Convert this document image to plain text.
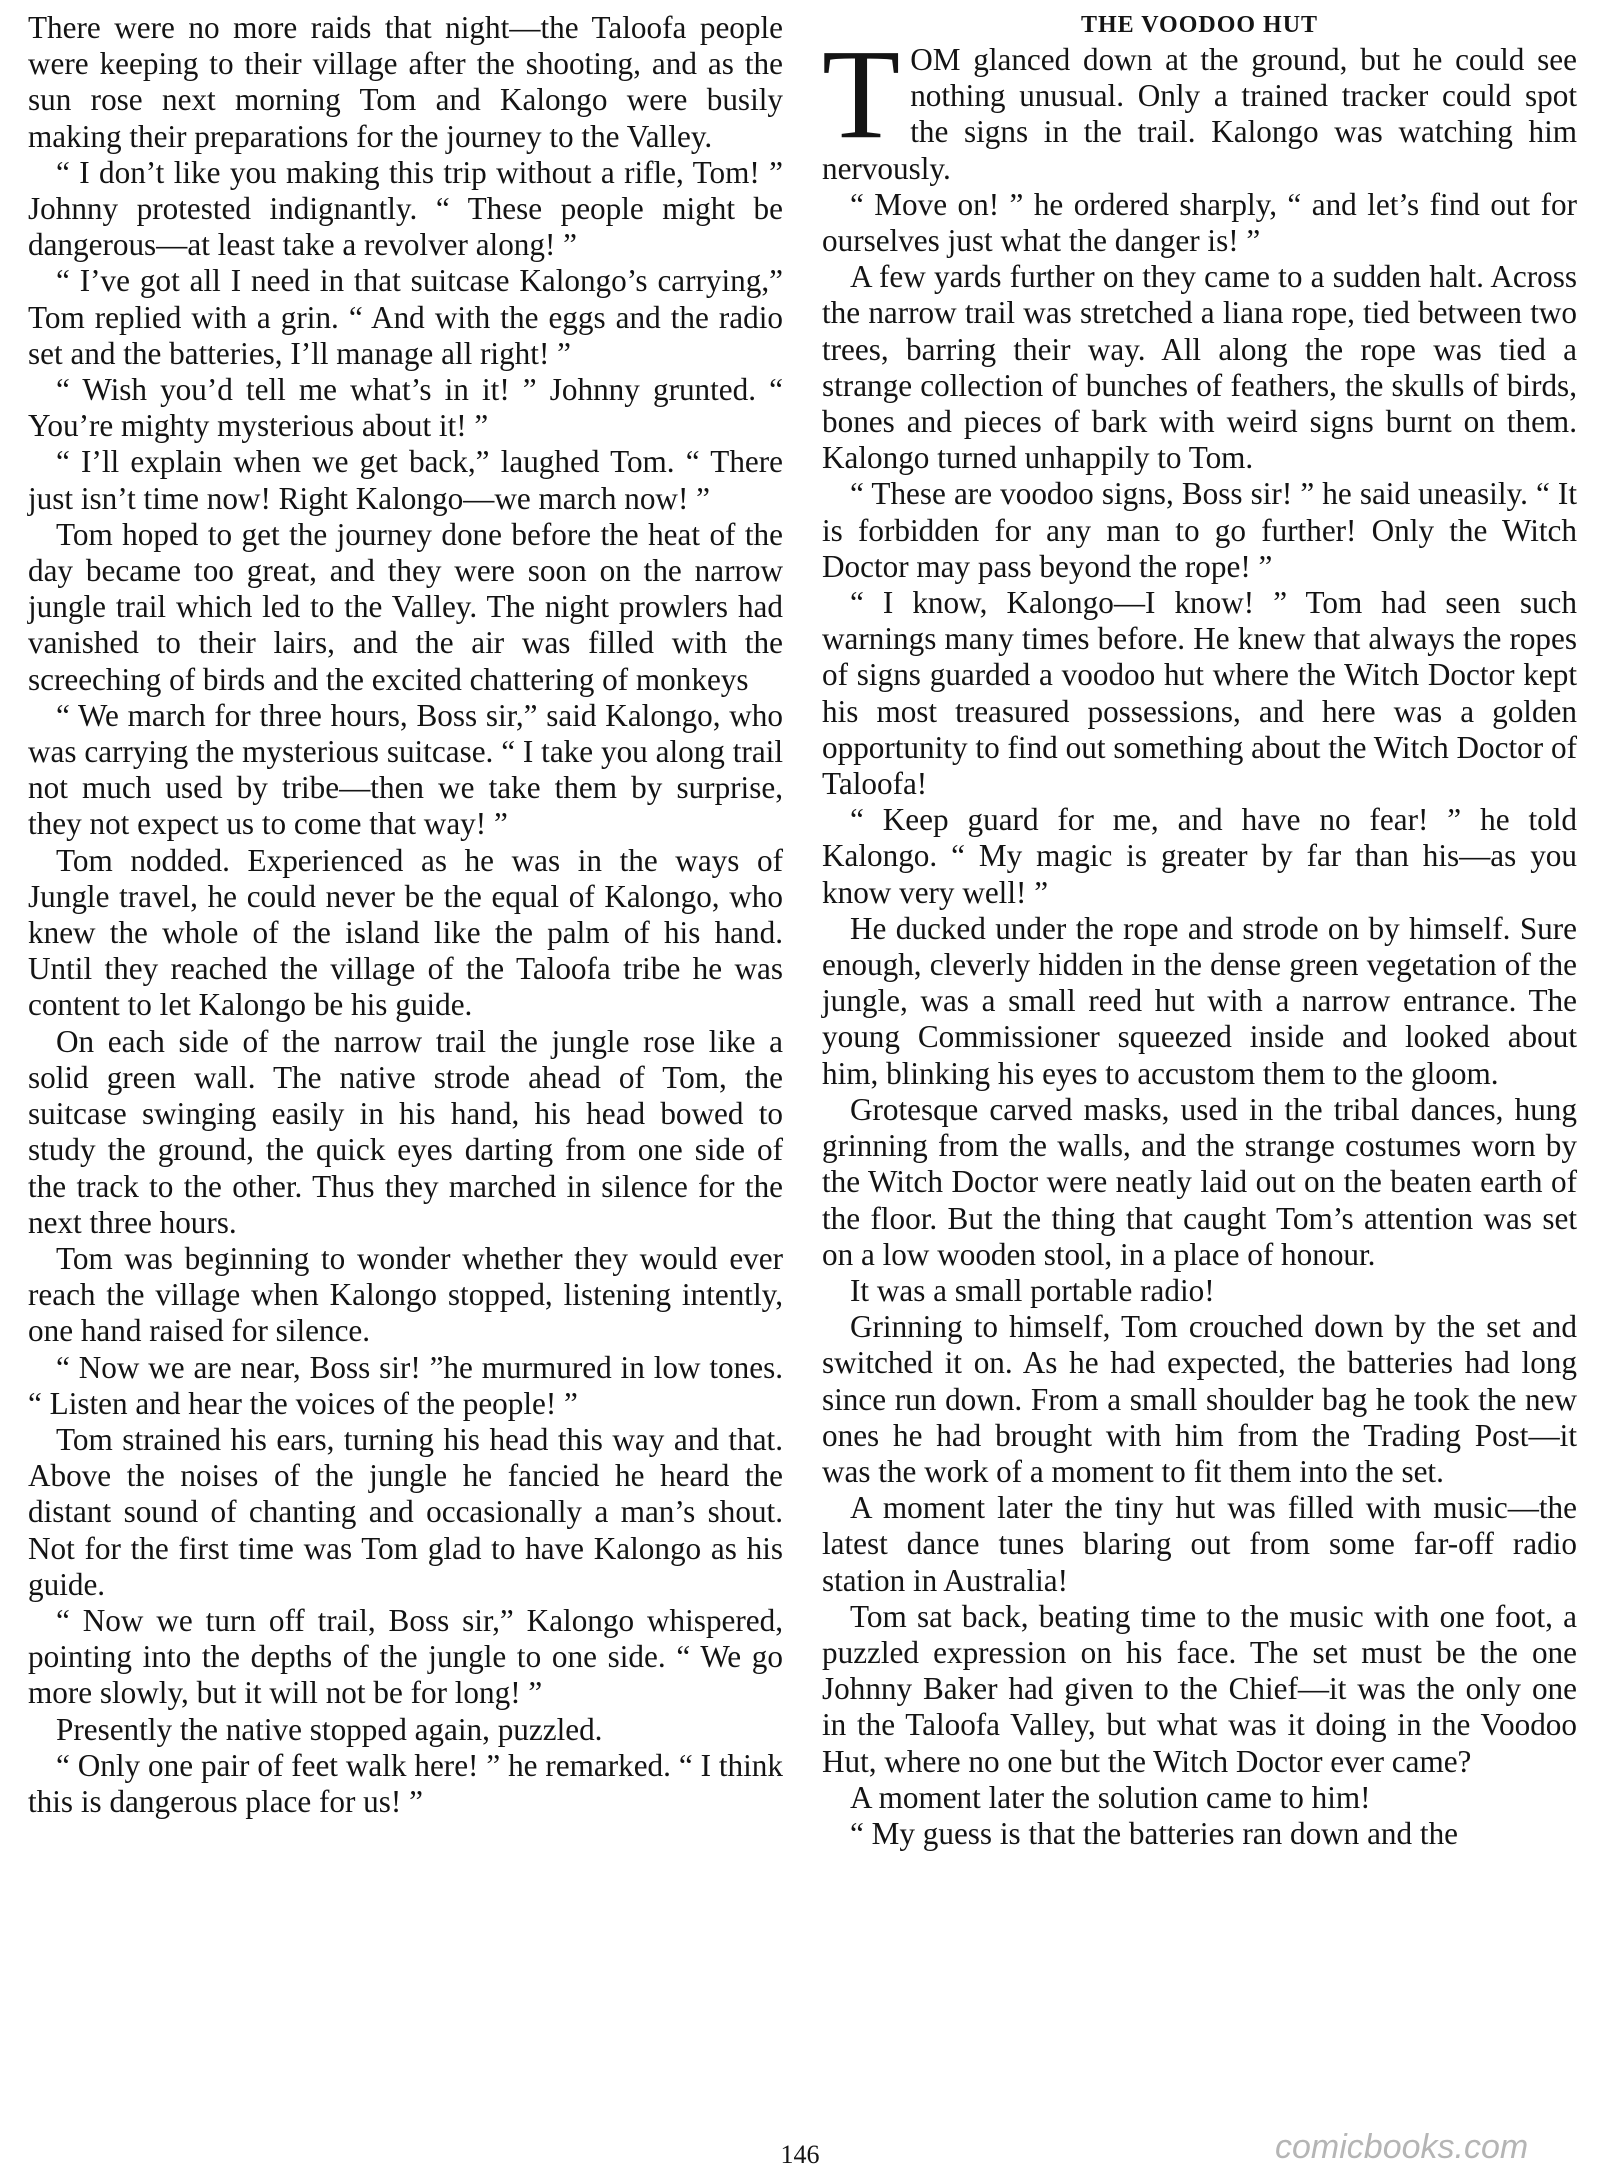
There were no more raids that night—the Taloofa people were keeping to their village after the shooting, and as the sun rose next morning Tom and Kalongo were busily making their preparations for the journey to the Valley.

“ I don’t like you making this trip without a rifle, Tom! ” Johnny protested indignantly. “ These people might be dangerous—at least take a revolver along! ”

“ I’ve got all I need in that suitcase Kalongo’s carrying,” Tom replied with a grin. “ And with the eggs and the radio set and the batteries, I’ll manage all right! ”

“ Wish you’d tell me what’s in it! ” Johnny grunted. “ You’re mighty mysterious about it! ”

“ I’ll explain when we get back,” laughed Tom. “ There just isn’t time now! Right Kalongo—we march now! ”

Tom hoped to get the journey done before the heat of the day became too great, and they were soon on the narrow jungle trail which led to the Valley. The night prowlers had vanished to their lairs, and the air was filled with the screeching of birds and the excited chattering of monkeys

“ We march for three hours, Boss sir,” said Kalongo, who was carrying the mysterious suitcase. “ I take you along trail not much used by tribe—then we take them by surprise, they not expect us to come that way! ”

Tom nodded. Experienced as he was in the ways of Jungle travel, he could never be the equal of Kalongo, who knew the whole of the island like the palm of his hand. Until they reached the village of the Taloofa tribe he was content to let Kalongo be his guide.

On each side of the narrow trail the jungle rose like a solid green wall. The native strode ahead of Tom, the suitcase swinging easily in his hand, his head bowed to study the ground, the quick eyes darting from one side of the track to the other. Thus they marched in silence for the next three hours.

Tom was beginning to wonder whether they would ever reach the village when Kalongo stopped, listening intently, one hand raised for silence.

“ Now we are near, Boss sir! ”he murmured in low tones. “ Listen and hear the voices of the people! ”

Tom strained his ears, turning his head this way and that. Above the noises of the jungle he fancied he heard the distant sound of chanting and occasionally a man’s shout. Not for the first time was Tom glad to have Kalongo as his guide.

“ Now we turn off trail, Boss sir,” Kalongo whispered, pointing into the depths of the jungle to one side. “ We go more slowly, but it will not be for long! ”

Presently the native stopped again, puzzled.

“ Only one pair of feet walk here! ” he remarked. “ I think this is dangerous place for us! ”

THE VOODOO HUT

TOM glanced down at the ground, but he could see nothing unusual. Only a trained tracker could spot the signs in the trail. Kalongo was watching him nervously.

“ Move on! ” he ordered sharply, “ and let’s find out for ourselves just what the danger is! ”

A few yards further on they came to a sudden halt. Across the narrow trail was stretched a liana rope, tied between two trees, barring their way. All along the rope was tied a strange collection of bunches of feathers, the skulls of birds, bones and pieces of bark with weird signs burnt on them. Kalongo turned unhappily to Tom.

“ These are voodoo signs, Boss sir! ” he said uneasily. “ It is forbidden for any man to go further! Only the Witch Doctor may pass beyond the rope! ”

“ I know, Kalongo—I know! ” Tom had seen such warnings many times before. He knew that always the ropes of signs guarded a voodoo hut where the Witch Doctor kept his most treasured possessions, and here was a golden opportunity to find out something about the Witch Doctor of Taloofa!

“ Keep guard for me, and have no fear! ” he told Kalongo. “ My magic is greater by far than his—as you know very well! ”

He ducked under the rope and strode on by himself. Sure enough, cleverly hidden in the dense green vegetation of the jungle, was a small reed hut with a narrow entrance. The young Commissioner squeezed inside and looked about him, blinking his eyes to accustom them to the gloom.

Grotesque carved masks, used in the tribal dances, hung grinning from the walls, and the strange costumes worn by the Witch Doctor were neatly laid out on the beaten earth of the floor. But the thing that caught Tom’s attention was set on a low wooden stool, in a place of honour.

It was a small portable radio!

Grinning to himself, Tom crouched down by the set and switched it on. As he had expected, the batteries had long since run down. From a small shoulder bag he took the new ones he had brought with him from the Trading Post—it was the work of a moment to fit them into the set.

A moment later the tiny hut was filled with music—the latest dance tunes blaring out from some far-off radio station in Australia!

Tom sat back, beating time to the music with one foot, a puzzled expression on his face. The set must be the one Johnny Baker had given to the Chief—it was the only one in the Taloofa Valley, but what was it doing in the Voodoo Hut, where no one but the Witch Doctor ever came?

A moment later the solution came to him!

“ My guess is that the batteries ran down and the

146	comicbooks.com
